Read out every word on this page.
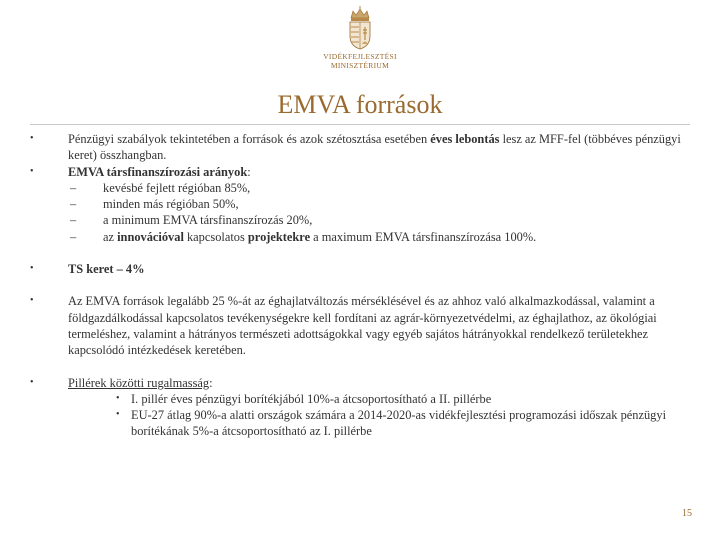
VIDÉKFEJLESZTÉSI
MINISZTÉRIUM
EMVA források
•	Pénzügyi szabályok tekintetében a források és azok szétosztása esetében éves lebontás lesz az MFF-fel (többéves pénzügyi keret) összhangban.
•	EMVA társfinanszírozási arányok:
– kevésbé fejlett régióban 85%,
– minden más régióban 50%,
– a minimum EMVA társfinanszírozás 20%,
– az innovációval kapcsolatos projektekre a maximum EMVA társfinanszírozása 100%.
•	TS keret – 4%
•	Az EMVA források legalább 25 %-át az éghajlatváltozás mérséklésével és az ahhoz való alkalmazkodással, valamint a földgazdálkodással kapcsolatos tevékenységekre kell fordítani az agrár-környezetvédelmi, az éghajlathoz, az ökológiai termeléshez, valamint a hátrányos természeti adottságokkal vagy egyéb sajátos hátrányokkal rendelkező területekhez kapcsolódó intézkedések keretében.
•	Pillérek közötti rugalmasság:
• I. pillér éves pénzügyi borítékjából 10%-a átcsoportosítható a II. pillérbe
• EU-27 átlag 90%-a alatti országok számára a 2014-2020-as vidékfejlesztési programozási időszak pénzügyi borítékának 5%-a átcsoportosítható az I. pillérbe
15
